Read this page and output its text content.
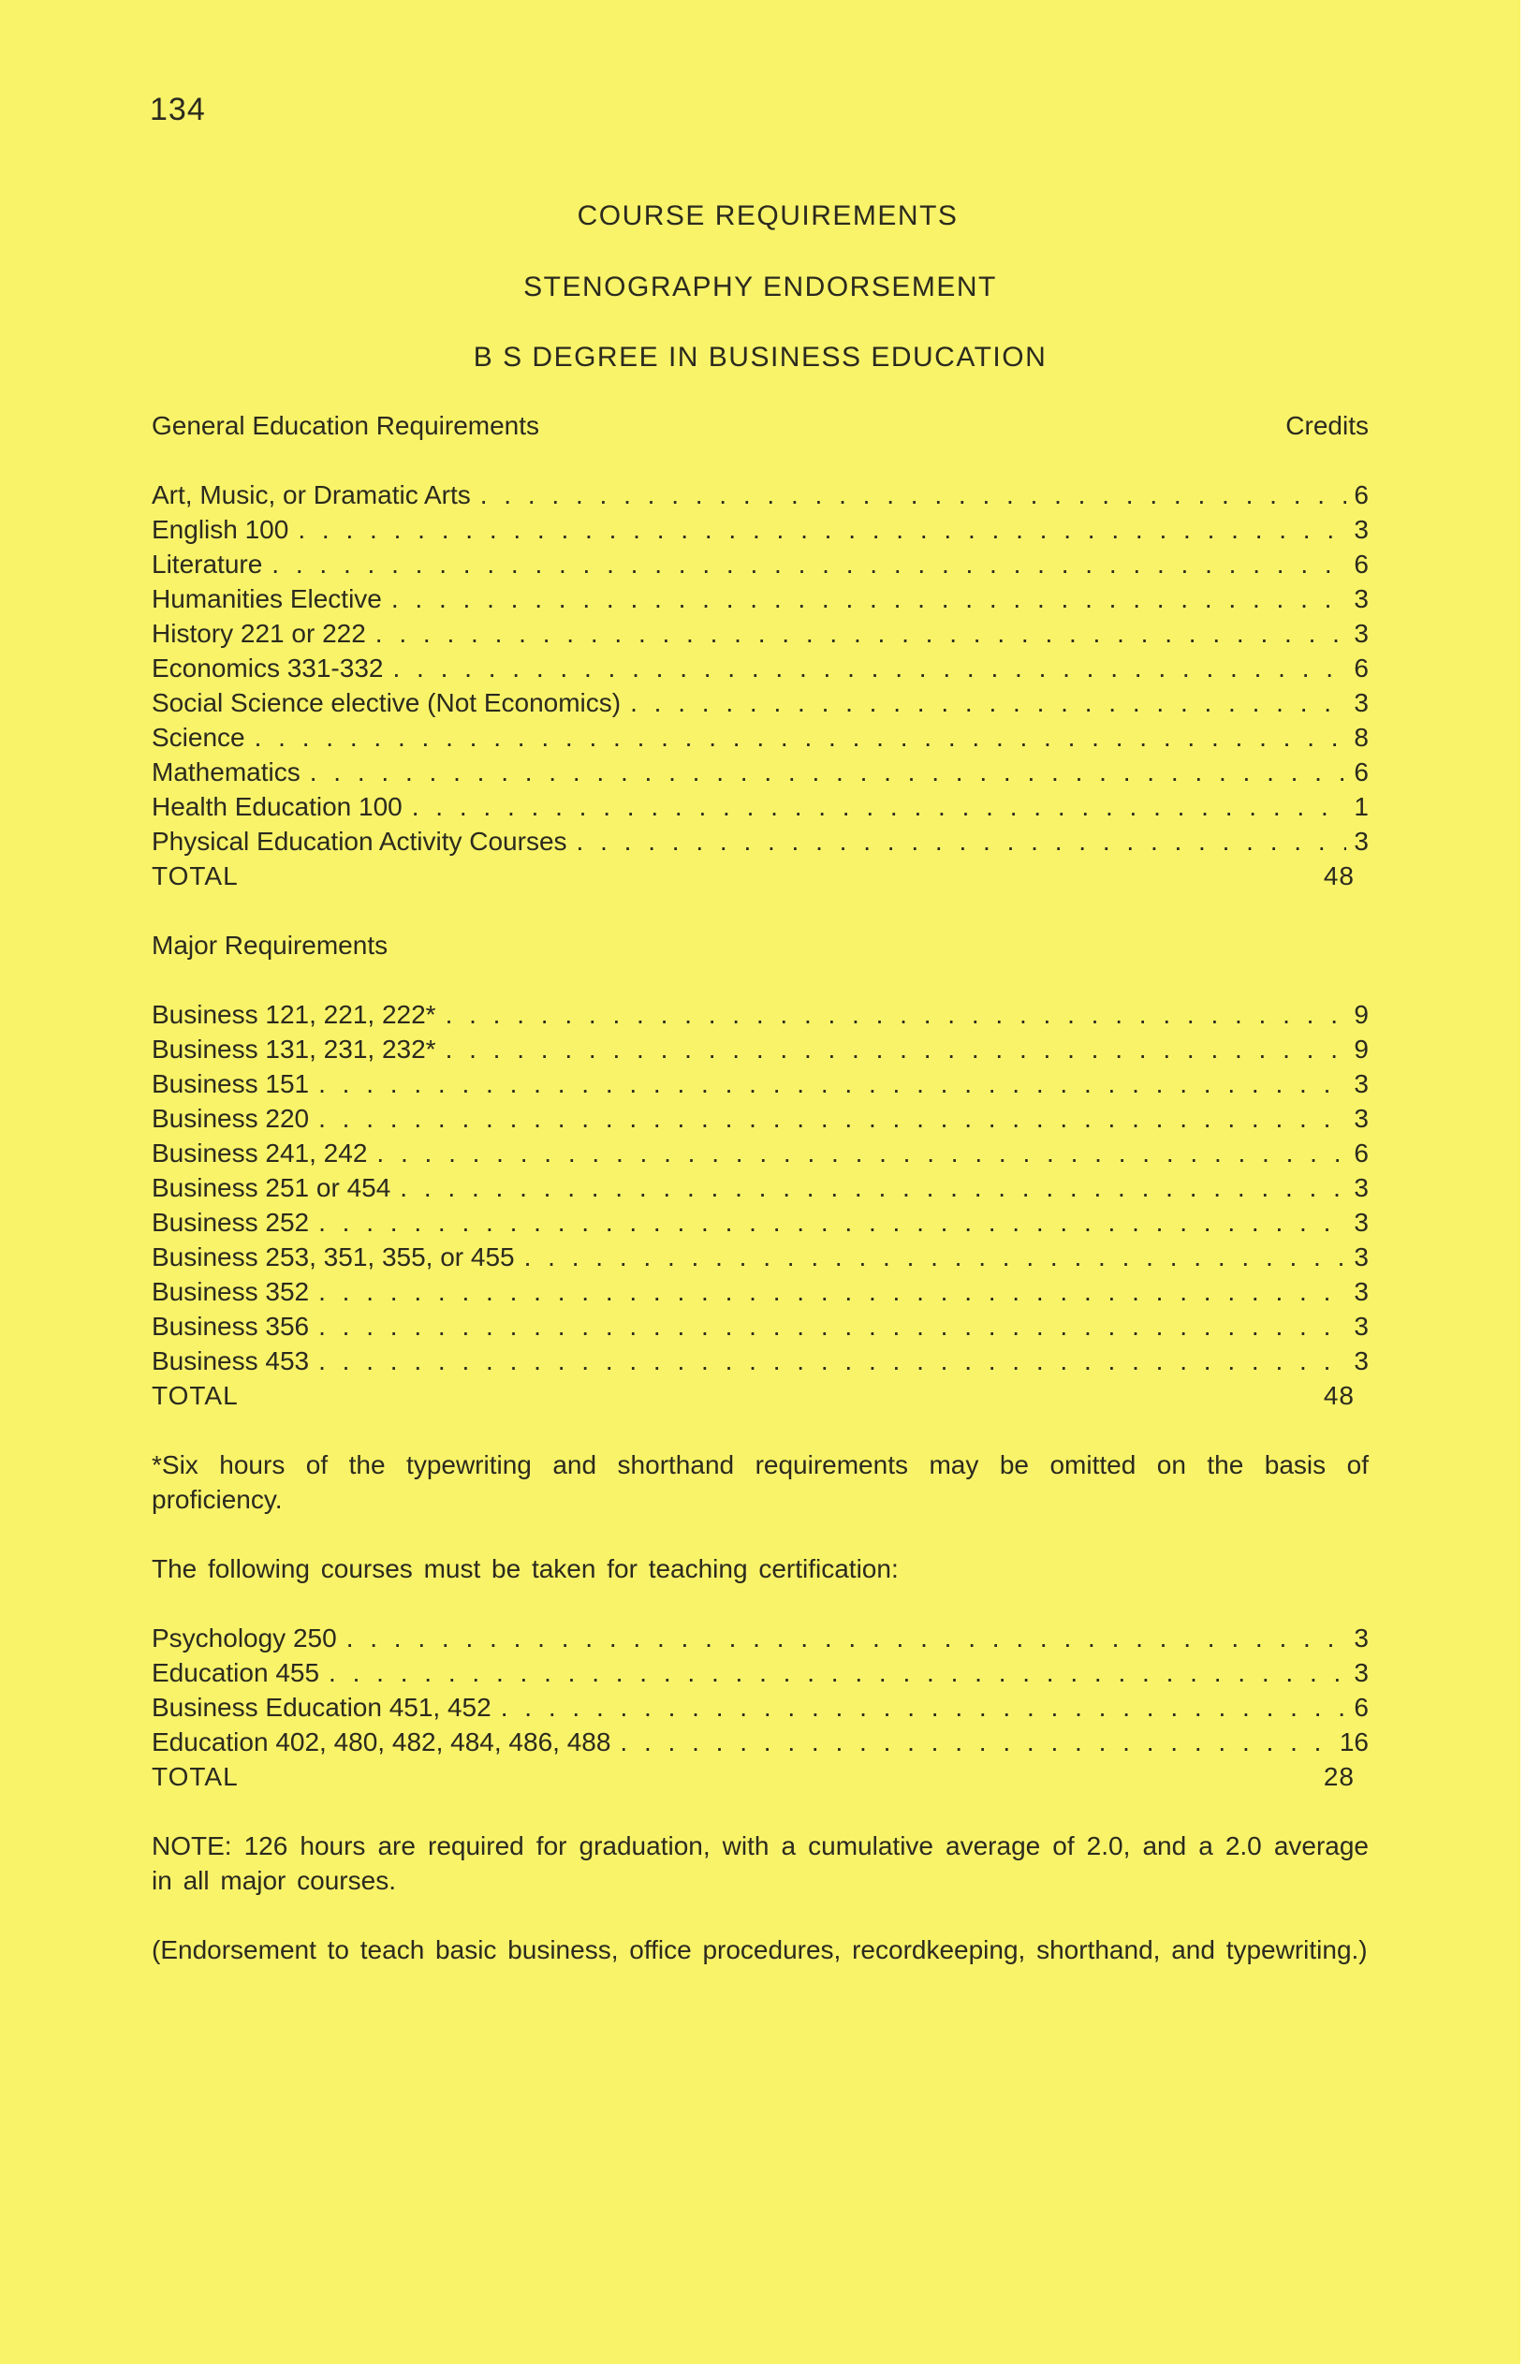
134
COURSE REQUIREMENTS
STENOGRAPHY ENDORSEMENT
B S DEGREE IN BUSINESS EDUCATION
General Education Requirements	Credits
Art, Music, or Dramatic Arts . . .	6
English 100 . . .	3
Literature . . .	6
Humanities Elective . . .	3
History 221 or 222 . . .	3
Economics 331-332 . . .	6
Social Science elective (Not Economics) . . .	3
Science . . .	8
Mathematics . . .	6
Health Education 100 . . .	1
Physical Education Activity Courses . . .	3
TOTAL	48
Major Requirements
Business 121, 221, 222* . . .	9
Business 131, 231, 232* . . .	9
Business 151 . . .	3
Business 220 . . .	3
Business 241, 242 . . .	6
Business 251 or 454 . . .	3
Business 252 . . .	3
Business 253, 351, 355, or 455 . . .	3
Business 352 . . .	3
Business 356 . . .	3
Business 453 . . .	3
TOTAL	48
*Six hours of the typewriting and shorthand requirements may be omitted on the basis of proficiency.
The following courses must be taken for teaching certification:
Psychology 250 . . .	3
Education 455 . . .	3
Business Education 451, 452 . . .	6
Education 402, 480, 482, 484, 486, 488 . . .	16
TOTAL	28
NOTE: 126 hours are required for graduation, with a cumulative average of 2.0, and a 2.0 average in all major courses.
(Endorsement to teach basic business, office procedures, recordkeeping, shorthand, and typewriting.)
